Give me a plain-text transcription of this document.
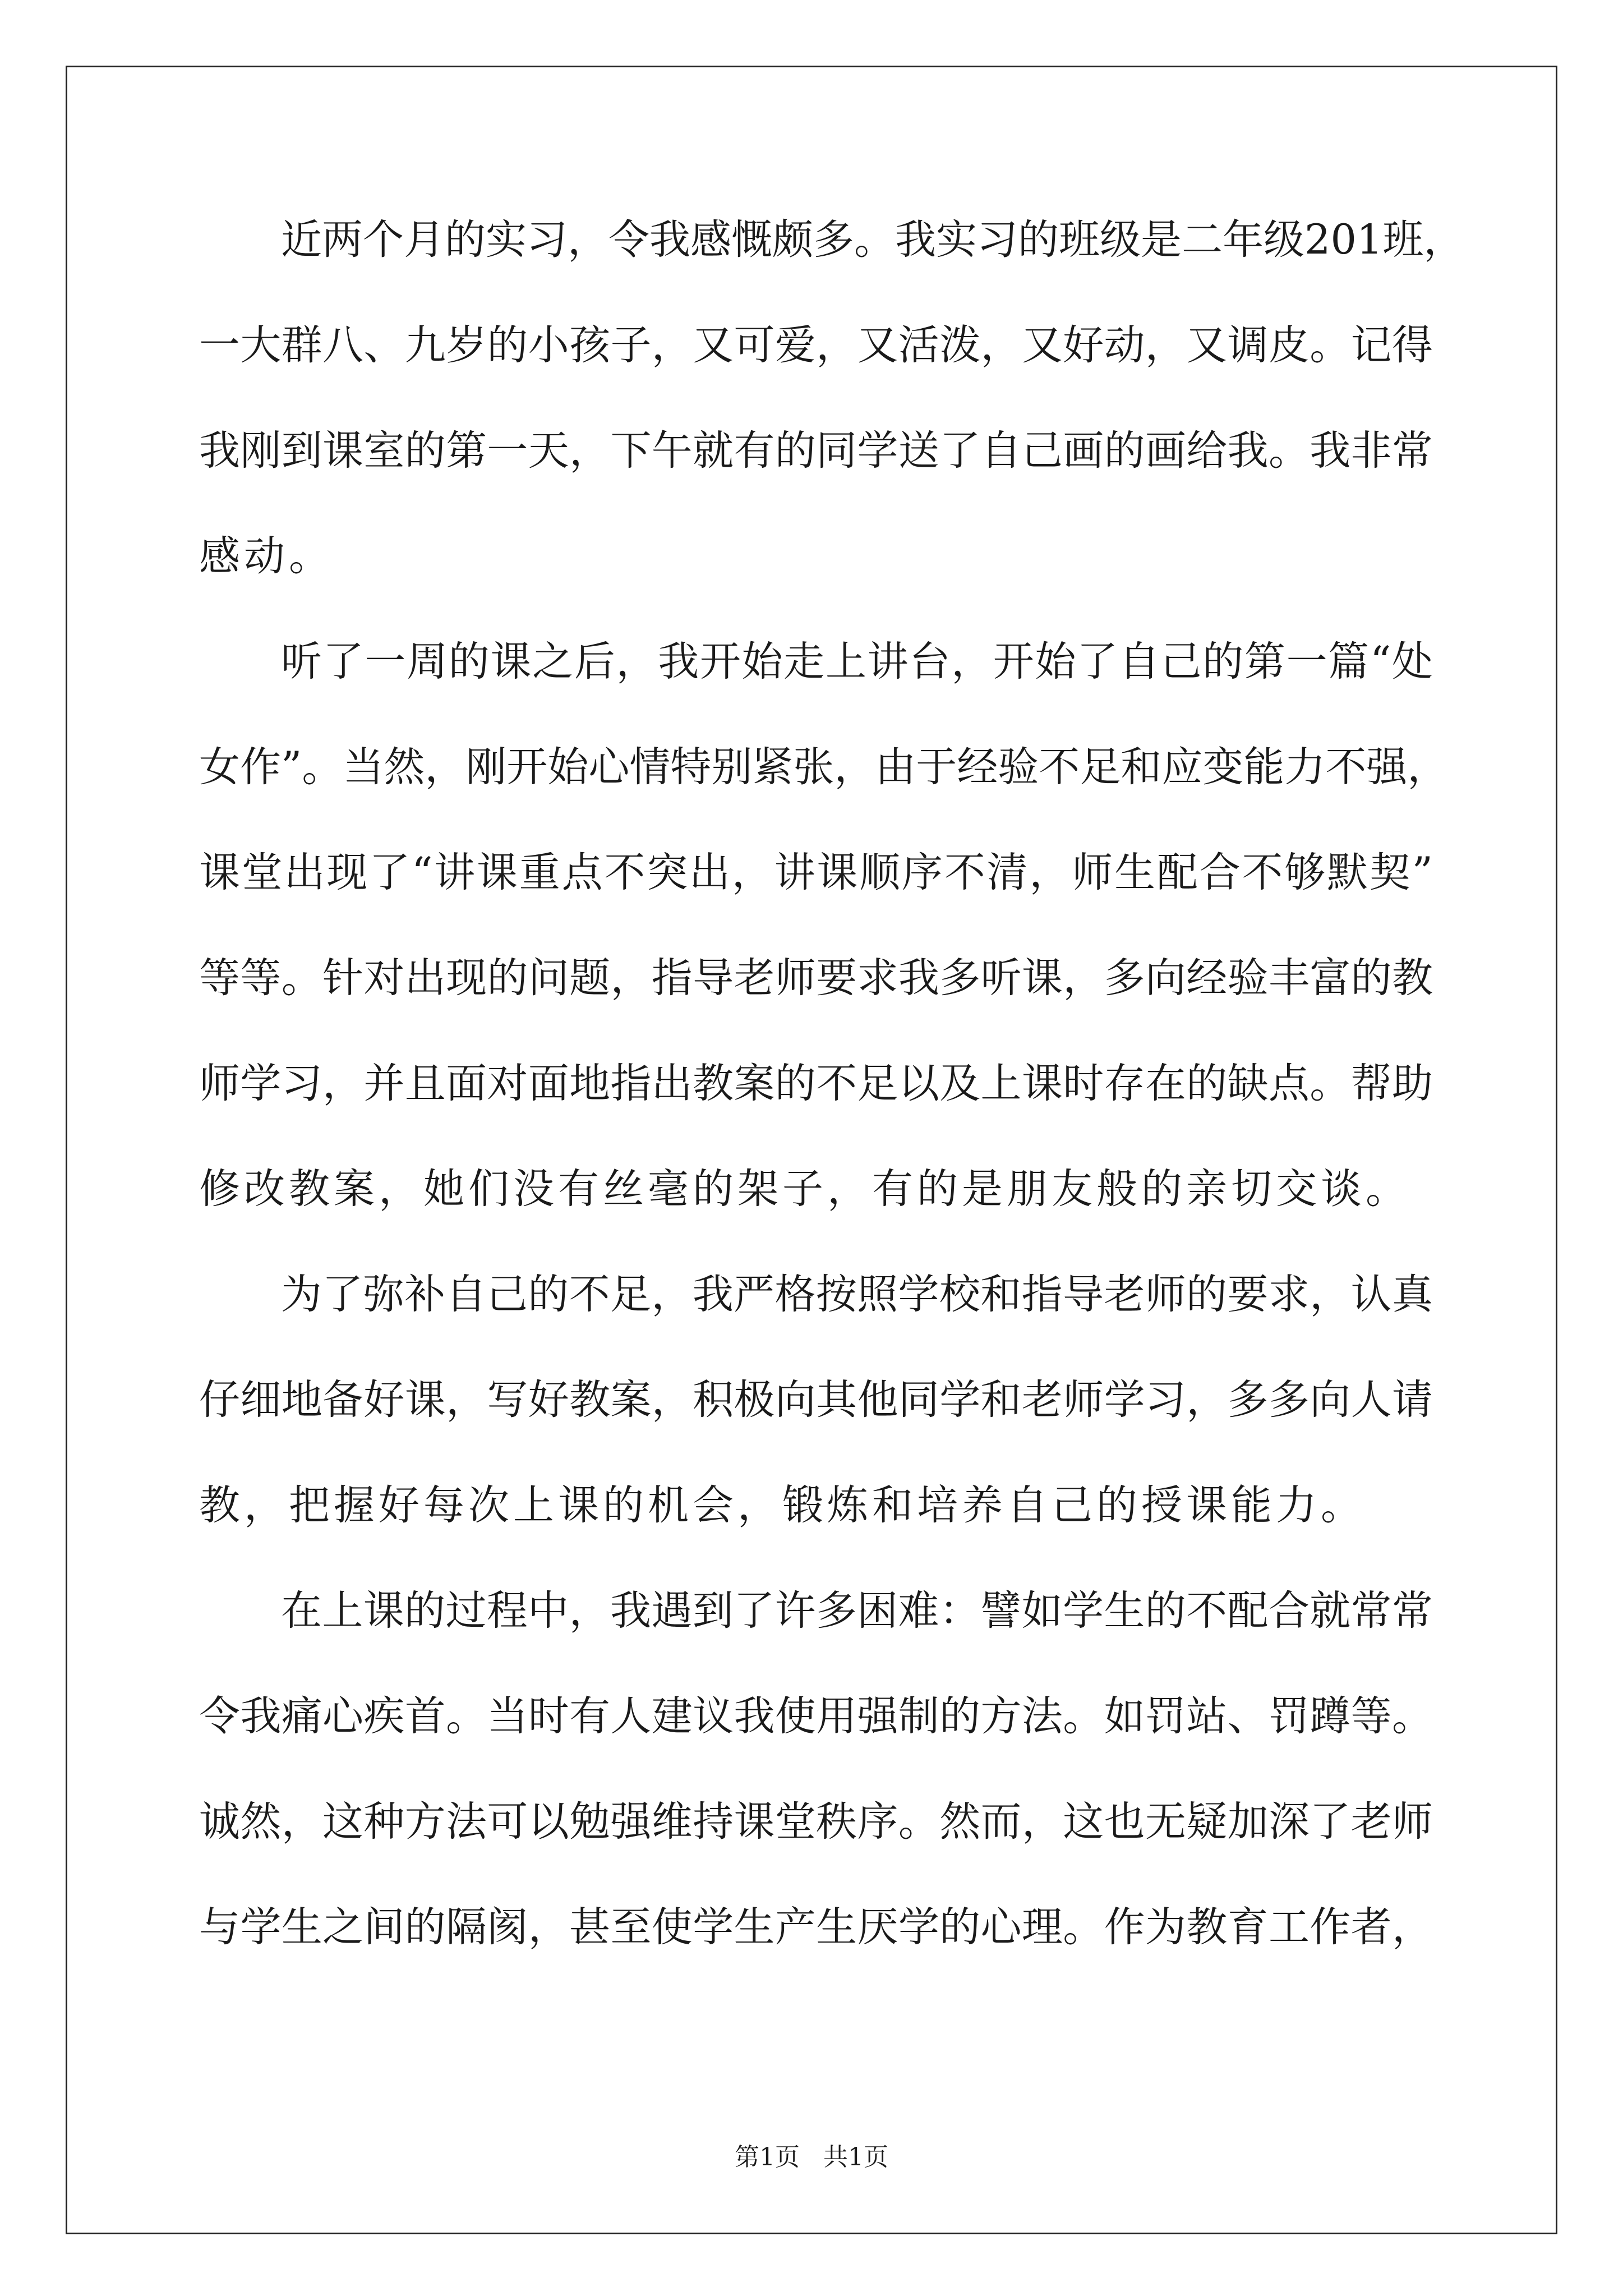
近两个月的实习，令我感慨颇多。我实习的班级是二年级201班，
一大群八、九岁的小孩子，又可爱，又活泼，又好动，又调皮。记得
我刚到课室的第一天，下午就有的同学送了自己画的画给我。我非常
感动。
听了一周的课之后，我开始走上讲台，开始了自己的第一篇“处
女作”。当然，刚开始心情特别紧张，由于经验不足和应变能力不强，
课堂出现了“讲课重点不突出，讲课顺序不清，师生配合不够默契”
等等。针对出现的问题，指导老师要求我多听课，多向经验丰富的教
师学习，并且面对面地指出教案的不足以及上课时存在的缺点。帮助
修改教案，她们没有丝毫的架子，有的是朋友般的亲切交谈。
为了弥补自己的不足，我严格按照学校和指导老师的要求，认真
仔细地备好课，写好教案，积极向其他同学和老师学习，多多向人请
教，把握好每次上课的机会，锻炼和培养自己的授课能力。
在上课的过程中，我遇到了许多困难：譬如学生的不配合就常常
令我痛心疾首。当时有人建议我使用强制的方法。如罚站、罚蹲等。
诚然，这种方法可以勉强维持课堂秩序。然而，这也无疑加深了老师
与学生之间的隔阂，甚至使学生产生厌学的心理。作为教育工作者，
第1页   共1页
